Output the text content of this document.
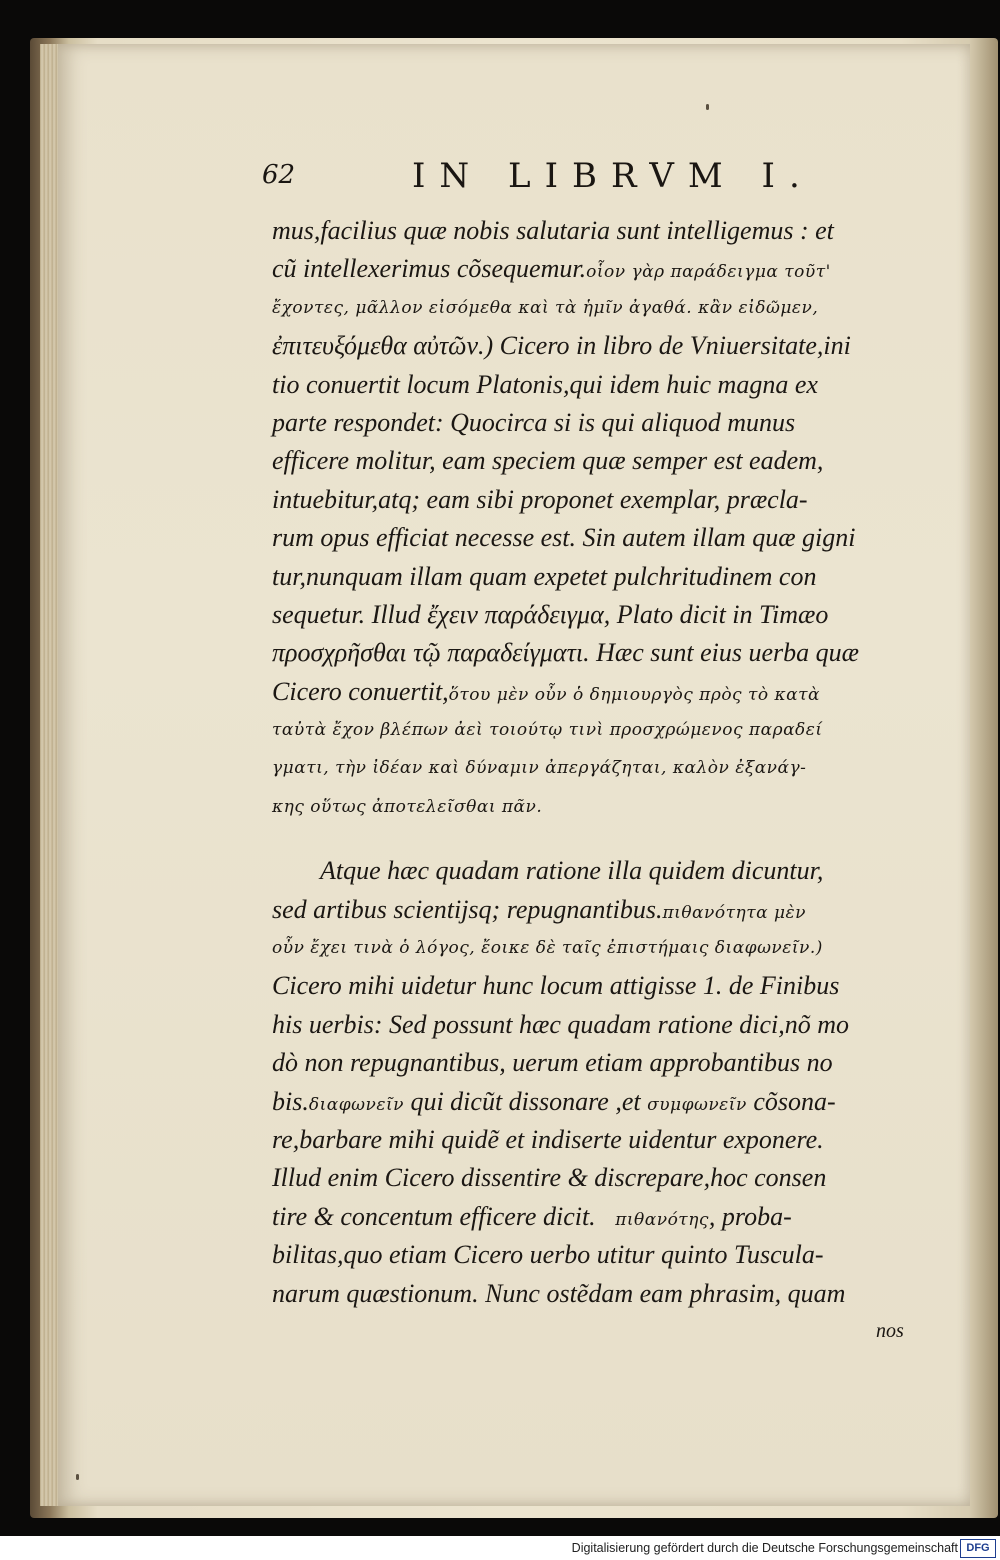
62	IN LIBRVM I.
mus,facilius quæ nobis salutaria sunt intelligemus : et
cũ intellexerimus cõsequemur.οἷον γὰρ παράδειγμα τοῦτ'
ἔχοντες, μᾶλλον εἰσόμεθα καὶ τὰ ἡμῖν ἀγαθά. κἂν εἰδῶμεν,
ἐπιτευξόμεθα αὐτῶν.) Cicero in libro de Vniuersitate,ini
tio conuertit locum Platonis,qui idem huic magna ex
parte respondet: Quocirca si is qui aliquod munus
efficere molitur, eam speciem quæ semper est eadem,
intuebitur,atq; eam sibi proponet exemplar, præcla-
rum opus efficiat necesse est. Sin autem illam quæ gigni
tur,nunquam illam quam expetet pulchritudinem con
sequetur. Illud ἔχειν παράδειγμα, Plato dicit in Timæo
προσχρῆσθαι τῷ παραδείγματι. Hæc sunt eius uerba quæ
Cicero conuertit,ὅτου μὲν οὖν ὁ δημιουργὸς πρὸς τὸ κατὰ
ταὐτὰ ἔχον βλέπων ἀεὶ τοιούτῳ τινὶ προσχρώμενος παραδεί
γματι, τὴν ἰδέαν καὶ δύναμιν ἀπεργάζηται, καλὸν ἐξανάγ-
κης οὕτως ἀποτελεῖσθαι πᾶν.
Atque hæc quadam ratione illa quidem dicuntur,
sed artibus scientijsq; repugnantibus.πιθανότητα μὲν
οὖν ἔχει τινὰ ὁ λόγος, ἔοικε δὲ ταῖς ἐπιστήμαις διαφωνεῖν.)
Cicero mihi uidetur hunc locum attigisse 1. de Finibus
his uerbis: Sed possunt hæc quadam ratione dici,nõ mo
dò non repugnantibus, uerum etiam approbantibus no
bis.διαφωνεῖν qui dicũt dissonare ,et συμφωνεῖν cõsona-
re,barbare mihi quidẽ et indiserte uidentur exponere.
Illud enim Cicero dissentire & discrepare,hoc consen
tire & concentum efficere dicit. πιθανότης, proba-
bilitas,quo etiam Cicero uerbo utitur quinto Tuscula-
narum quæstionum. Nunc ostẽdam eam phrasim, quam
nos
Digitalisierung gefördert durch die Deutsche Forschungsgemeinschaft DFG
